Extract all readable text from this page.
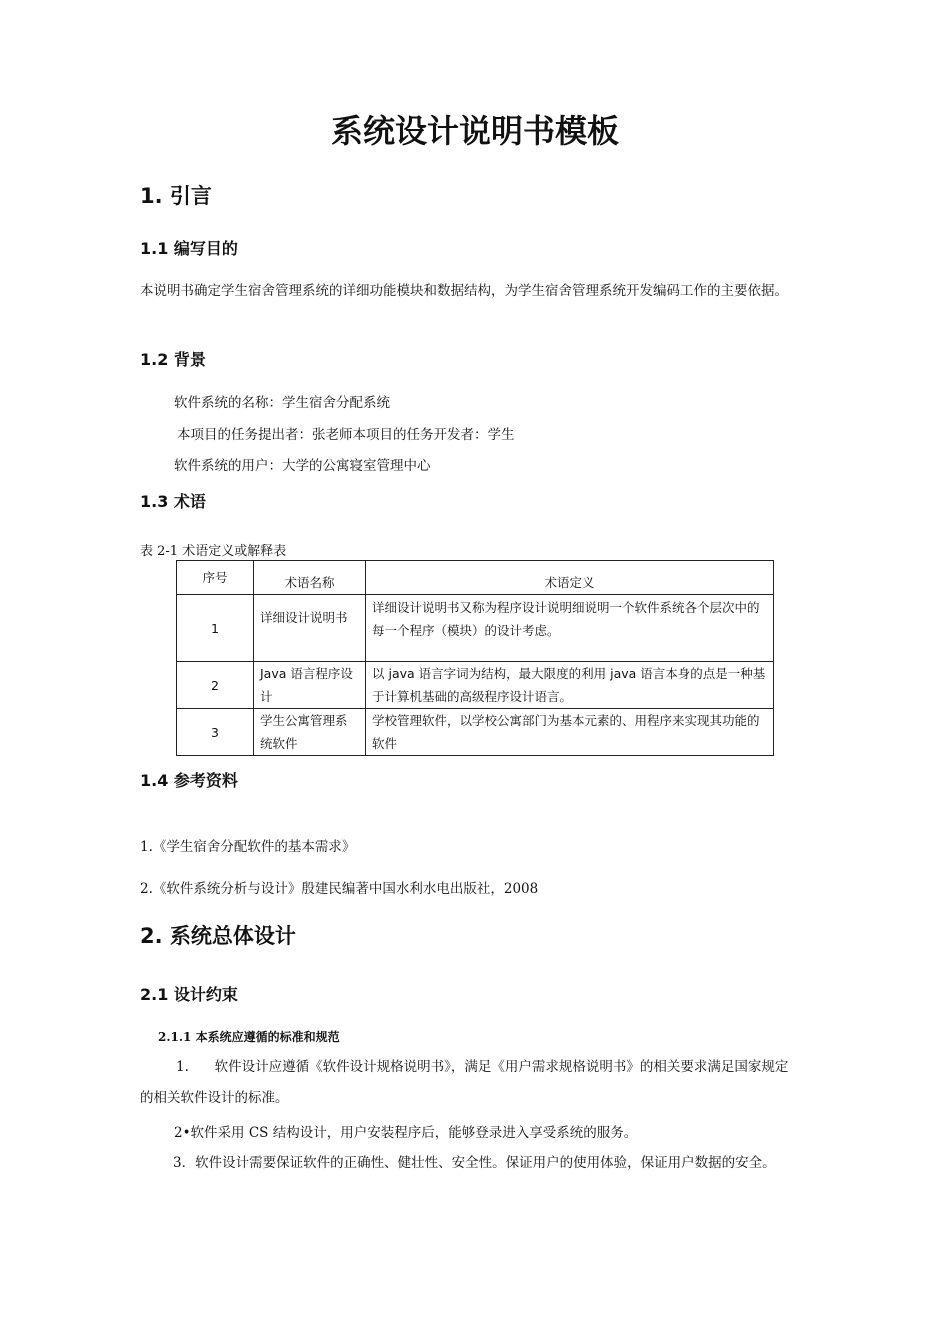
系统设计说明书模板
1. 引言
1.1 编写目的
本说明书确定学生宿舍管理系统的详细功能模块和数据结构，为学生宿舍管理系统开发编码工作的主要依据。
1.2 背景
软件系统的名称：学生宿舍分配系统
本项目的任务提出者：张老师本项目的任务开发者：学生
软件系统的用户：大学的公寓寝室管理中心
1.3 术语
表 2-1 术语定义或解释表
序号	术语名称	术语定义
1	详细设计说明书	详细设计说明书又称为程序设计说明细说明一个软件系统各个层次中的每一个程序（模块）的设计考虑。
2	Java 语言程序设计	以 java 语言字词为结构，最大限度的利用 java 语言本身的点是一种基于计算机基础的高级程序设计语言。
3	学生公寓管理系统软件	学校管理软件，以学校公寓部门为基本元素的、用程序来实现其功能的软件
1.4 参考资料
1.《学生宿舍分配软件的基本需求》
2.《软件系统分析与设计》殷建民编著中国水利水电出版社，2008
2. 系统总体设计
2.1 设计约束
2.1.1 本系统应遵循的标准和规范
1.      软件设计应遵循《软件设计规格说明书》，满足《用户需求规格说明书》的相关要求满足国家规定的相关软件设计的标准。
2•软件采用 CS 结构设计，用户安装程序后，能够登录进入享受系统的服务。
3．软件设计需要保证软件的正确性、健壮性、安全性。保证用户的使用体验，保证用户数据的安全。
